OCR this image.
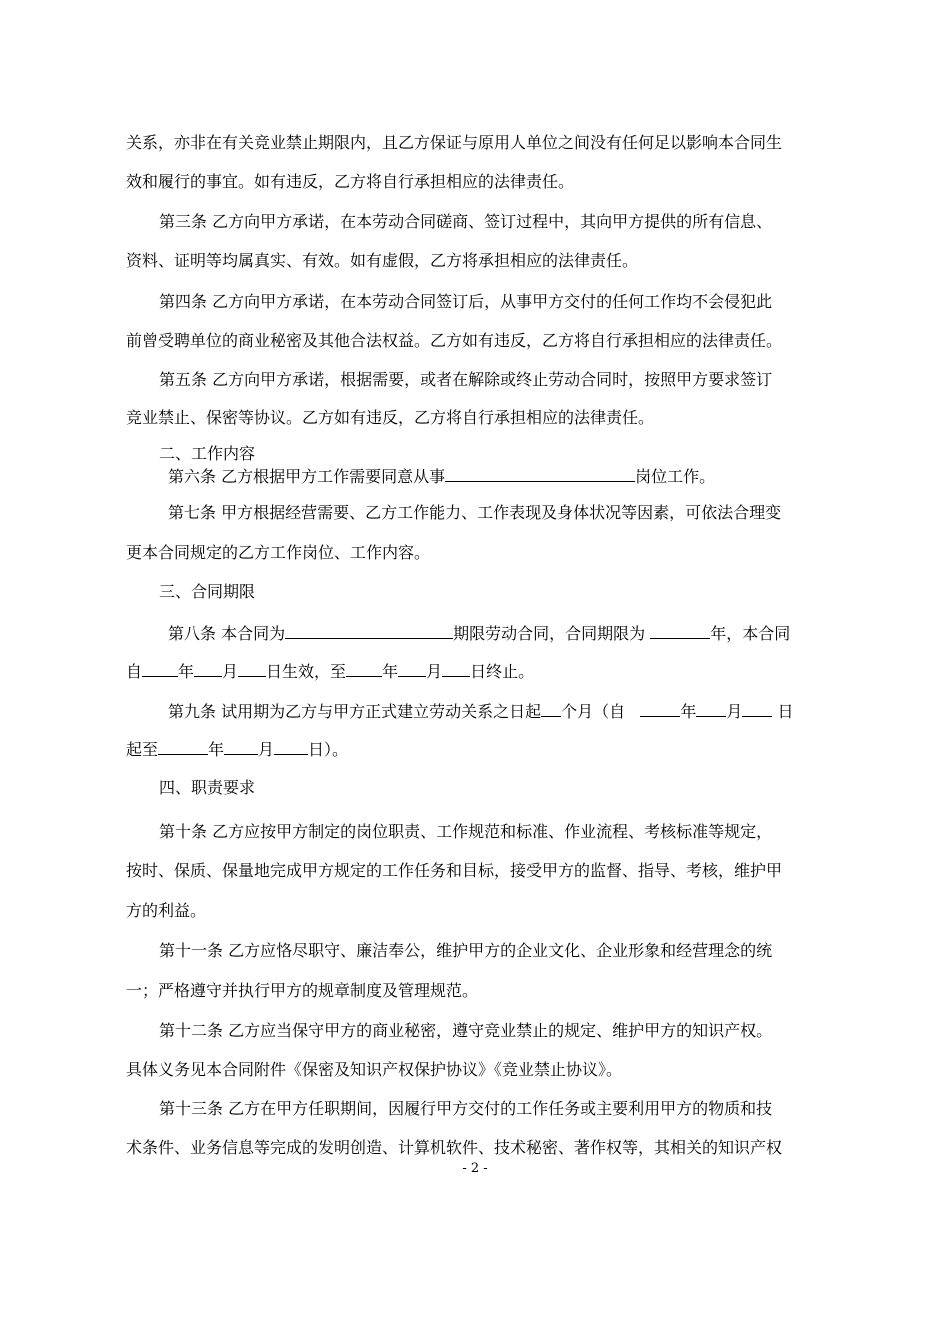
关系，亦非在有关竞业禁止期限内，且乙方保证与原用人单位之间没有任何足以影响本合同生
效和履行的事宜。如有违反，乙方将自行承担相应的法律责任。
第三条 乙方向甲方承诺，在本劳动合同磋商、签订过程中，其向甲方提供的所有信息、
资料、证明等均属真实、有效。如有虚假，乙方将承担相应的法律责任。
第四条 乙方向甲方承诺，在本劳动合同签订后，从事甲方交付的任何工作均不会侵犯此
前曾受聘单位的商业秘密及其他合法权益。乙方如有违反，乙方将自行承担相应的法律责任。
第五条 乙方向甲方承诺，根据需要，或者在解除或终止劳动合同时，按照甲方要求签订
竞业禁止、保密等协议。乙方如有违反，乙方将自行承担相应的法律责任。
二、工作内容
第六条 乙方根据甲方工作需要同意从事	岗位工作。
第七条 甲方根据经营需要、乙方工作能力、工作表现及身体状况等因素，可依法合理变
更本合同规定的乙方工作岗位、工作内容。
三、合同期限
第八条 本合同为	期限劳动合同，合同期限为	年，本合同
自 年 月 日生效，至 年 月 日终止。
第九条 试用期为乙方与甲方正式建立劳动关系之日起 个月（自	年 月 日
起至	年 月 日）。
四、职责要求
第十条 乙方应按甲方制定的岗位职责、工作规范和标准、作业流程、考核标准等规定，
按时、保质、保量地完成甲方规定的工作任务和目标，接受甲方的监督、指导、考核，维护甲
方的利益。
第十一条 乙方应恪尽职守、廉洁奉公，维护甲方的企业文化、企业形象和经营理念的统
一；严格遵守并执行甲方的规章制度及管理规范。
第十二条 乙方应当保守甲方的商业秘密，遵守竞业禁止的规定、维护甲方的知识产权。
具体义务见本合同附件《保密及知识产权保护协议》《竞业禁止协议》。
第十三条 乙方在甲方任职期间，因履行甲方交付的工作任务或主要利用甲方的物质和技
术条件、业务信息等完成的发明创造、计算机软件、技术秘密、著作权等，其相关的知识产权
- 2 -
